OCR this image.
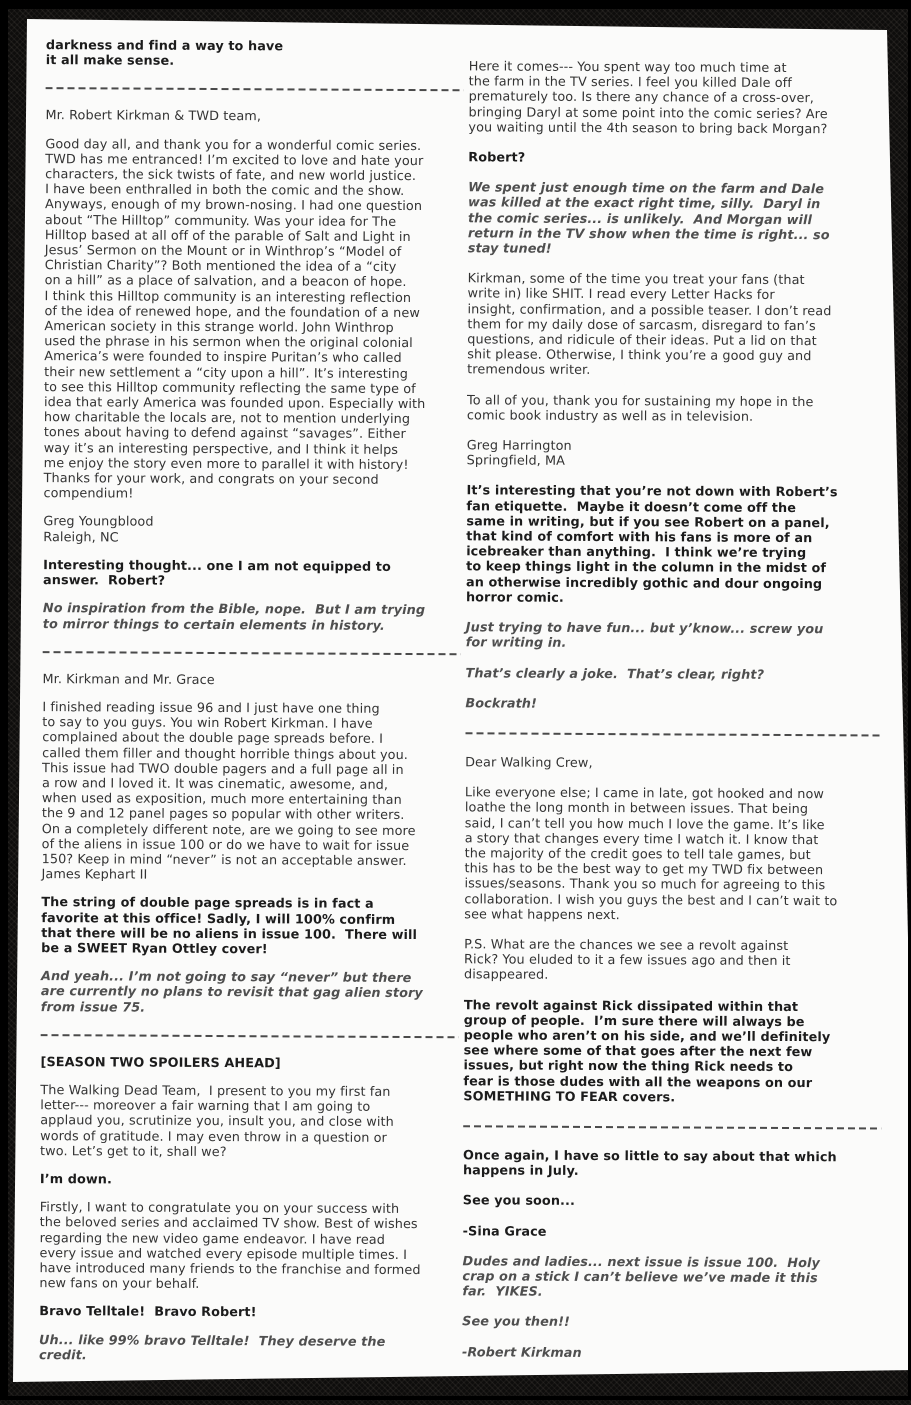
darkness and find a way to have
it all make sense.
Mr. Robert Kirkman & TWD team,
Good day all, and thank you for a wonderful comic series.
TWD has me entranced! I’m excited to love and hate your
characters, the sick twists of fate, and new world justice.
I have been enthralled in both the comic and the show.
Anyways, enough of my brown-nosing. I had one question
about “The Hilltop” community. Was your idea for The
Hilltop based at all off of the parable of Salt and Light in
Jesus’ Sermon on the Mount or in Winthrop’s “Model of
Christian Charity”? Both mentioned the idea of a “city
on a hill” as a place of salvation, and a beacon of hope.
I think this Hilltop community is an interesting reflection
of the idea of renewed hope, and the foundation of a new
American society in this strange world. John Winthrop
used the phrase in his sermon when the original colonial
America’s were founded to inspire Puritan’s who called
their new settlement a “city upon a hill”. It’s interesting
to see this Hilltop community reflecting the same type of
idea that early America was founded upon. Especially with
how charitable the locals are, not to mention underlying
tones about having to defend against “savages”. Either
way it’s an interesting perspective, and I think it helps
me enjoy the story even more to parallel it with history!
Thanks for your work, and congrats on your second
compendium!
Greg Youngblood
Raleigh, NC
Interesting thought... one I am not equipped to
answer.  Robert?
No inspiration from the Bible, nope.  But I am trying
to mirror things to certain elements in history.
Mr. Kirkman and Mr. Grace
I finished reading issue 96 and I just have one thing
to say to you guys. You win Robert Kirkman. I have
complained about the double page spreads before. I
called them filler and thought horrible things about you.
This issue had TWO double pagers and a full page all in
a row and I loved it. It was cinematic, awesome, and,
when used as exposition, much more entertaining than
the 9 and 12 panel pages so popular with other writers.
On a completely different note, are we going to see more
of the aliens in issue 100 or do we have to wait for issue
150? Keep in mind “never” is not an acceptable answer.
James Kephart II
The string of double page spreads is in fact a
favorite at this office! Sadly, I will 100% confirm
that there will be no aliens in issue 100.  There will
be a SWEET Ryan Ottley cover!
And yeah... I’m not going to say “never” but there
are currently no plans to revisit that gag alien story
from issue 75.
[SEASON TWO SPOILERS AHEAD]
The Walking Dead Team,  I present to you my first fan
letter--- moreover a fair warning that I am going to
applaud you, scrutinize you, insult you, and close with
words of gratitude. I may even throw in a question or
two. Let’s get to it, shall we?
I’m down.
Firstly, I want to congratulate you on your success with
the beloved series and acclaimed TV show. Best of wishes
regarding the new video game endeavor. I have read
every issue and watched every episode multiple times. I
have introduced many friends to the franchise and formed
new fans on your behalf.
Bravo Telltale!  Bravo Robert!
Uh... like 99% bravo Telltale!  They deserve the
credit.
Here it comes--- You spent way too much time at
the farm in the TV series. I feel you killed Dale off
prematurely too. Is there any chance of a cross-over,
bringing Daryl at some point into the comic series? Are
you waiting until the 4th season to bring back Morgan?
Robert?
We spent just enough time on the farm and Dale
was killed at the exact right time, silly.  Daryl in
the comic series... is unlikely.  And Morgan will
return in the TV show when the time is right... so
stay tuned!
Kirkman, some of the time you treat your fans (that
write in) like SHIT. I read every Letter Hacks for
insight, confirmation, and a possible teaser. I don’t read
them for my daily dose of sarcasm, disregard to fan’s
questions, and ridicule of their ideas. Put a lid on that
shit please. Otherwise, I think you’re a good guy and
tremendous writer.
To all of you, thank you for sustaining my hope in the
comic book industry as well as in television.
Greg Harrington
Springfield, MA
It’s interesting that you’re not down with Robert’s
fan etiquette.  Maybe it doesn’t come off the
same in writing, but if you see Robert on a panel,
that kind of comfort with his fans is more of an
icebreaker than anything.  I think we’re trying
to keep things light in the column in the midst of
an otherwise incredibly gothic and dour ongoing
horror comic.
Just trying to have fun... but y’know... screw you
for writing in.
That’s clearly a joke.  That’s clear, right?
Bockrath!
Dear Walking Crew,
Like everyone else; I came in late, got hooked and now
loathe the long month in between issues. That being
said, I can’t tell you how much I love the game. It’s like
a story that changes every time I watch it. I know that
the majority of the credit goes to tell tale games, but
this has to be the best way to get my TWD fix between
issues/seasons. Thank you so much for agreeing to this
collaboration. I wish you guys the best and I can’t wait to
see what happens next.
P.S. What are the chances we see a revolt against
Rick? You eluded to it a few issues ago and then it
disappeared.
The revolt against Rick dissipated within that
group of people.  I’m sure there will always be
people who aren’t on his side, and we’ll definitely
see where some of that goes after the next few
issues, but right now the thing Rick needs to
fear is those dudes with all the weapons on our
SOMETHING TO FEAR covers.
Once again, I have so little to say about that which
happens in July.
See you soon...
-Sina Grace
Dudes and ladies... next issue is issue 100.  Holy
crap on a stick I can’t believe we’ve made it this
far.  YIKES.
See you then!!
-Robert Kirkman
